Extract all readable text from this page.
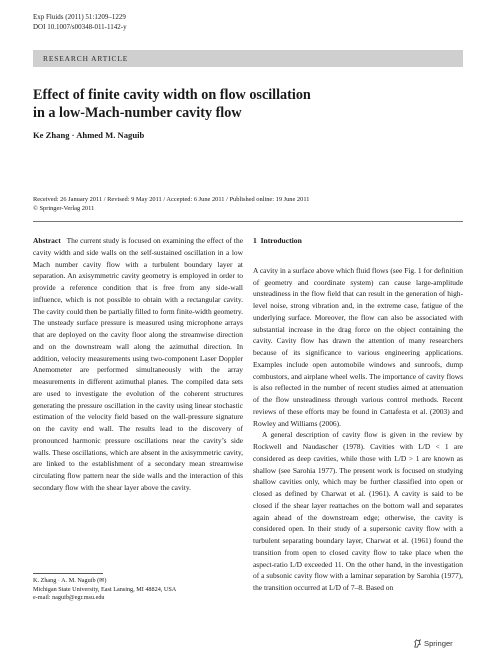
Exp Fluids (2011) 51:1209–1229
DOI 10.1007/s00348-011-1142-y
RESEARCH ARTICLE
Effect of finite cavity width on flow oscillation
in a low-Mach-number cavity flow
Ke Zhang · Ahmed M. Naguib
Received: 26 January 2011 / Revised: 9 May 2011 / Accepted: 6 June 2011 / Published online: 19 June 2011
© Springer-Verlag 2011

Abstract The current study is focused on examining the effect of the cavity width and side walls on the self-sustained oscillation in a low Mach number cavity flow with a turbulent boundary layer at separation. An axisymmetric cavity geometry is employed in order to provide a reference condition that is free from any side-wall influence, which is not possible to obtain with a rectangular cavity. The cavity could then be partially filled to form finite-width geometry. The unsteady surface pressure is measured using microphone arrays that are deployed on the cavity floor along the streamwise direction and on the downstream wall along the azimuthal direction. In addition, velocity measurements using two-component Laser Doppler Anemometer are performed simultaneously with the array measurements in different azimuthal planes. The compiled data sets are used to investigate the evolution of the coherent structures generating the pressure oscillation in the cavity using linear stochastic estimation of the velocity field based on the wall-pressure signature on the cavity end wall. The results lead to the discovery of pronounced harmonic pressure oscillations near the cavity’s side walls. These oscillations, which are absent in the axisymmetric cavity, are linked to the establishment of a secondary mean streamwise circulating flow pattern near the side walls and the interaction of this secondary flow with the shear layer above the cavity.

1 Introduction

A cavity in a surface above which fluid flows (see Fig. 1 for definition of geometry and coordinate system) can cause large-amplitude unsteadiness in the flow field that can result in the generation of high-level noise, strong vibration and, in the extreme case, fatigue of the underlying surface. Moreover, the flow can also be associated with substantial increase in the drag force on the object containing the cavity. Cavity flow has drawn the attention of many researchers because of its significance to various engineering applications. Examples include open automobile windows and sunroofs, dump combustors, and airplane wheel wells. The importance of cavity flows is also reflected in the number of recent studies aimed at attenuation of the flow unsteadiness through various control methods. Recent reviews of these efforts may be found in Cattafesta et al. (2003) and Rowley and Williams (2006).

A general description of cavity flow is given in the review by Rockwell and Naudascher (1978). Cavities with L/D < 1 are considered as deep cavities, while those with L/D > 1 are known as shallow (see Sarohia 1977). The present work is focused on studying shallow cavities only, which may be further classified into open or closed as defined by Charwat et al. (1961). A cavity is said to be closed if the shear layer reattaches on the bottom wall and separates again ahead of the downstream edge; otherwise, the cavity is considered open. In their study of a supersonic cavity flow with a turbulent separating boundary layer, Charwat et al. (1961) found the transition from open to closed cavity flow to take place when the aspect-ratio L/D exceeded 11. On the other hand, in the investigation of a subsonic cavity flow with a laminar separation by Sarohia (1977), the transition occurred at L/D of 7–8. Based on

K. Zhang · A. M. Naguib (✉)
Michigan State University, East Lansing, MI 48824, USA
e-mail: naguib@egr.msu.edu
Springer
